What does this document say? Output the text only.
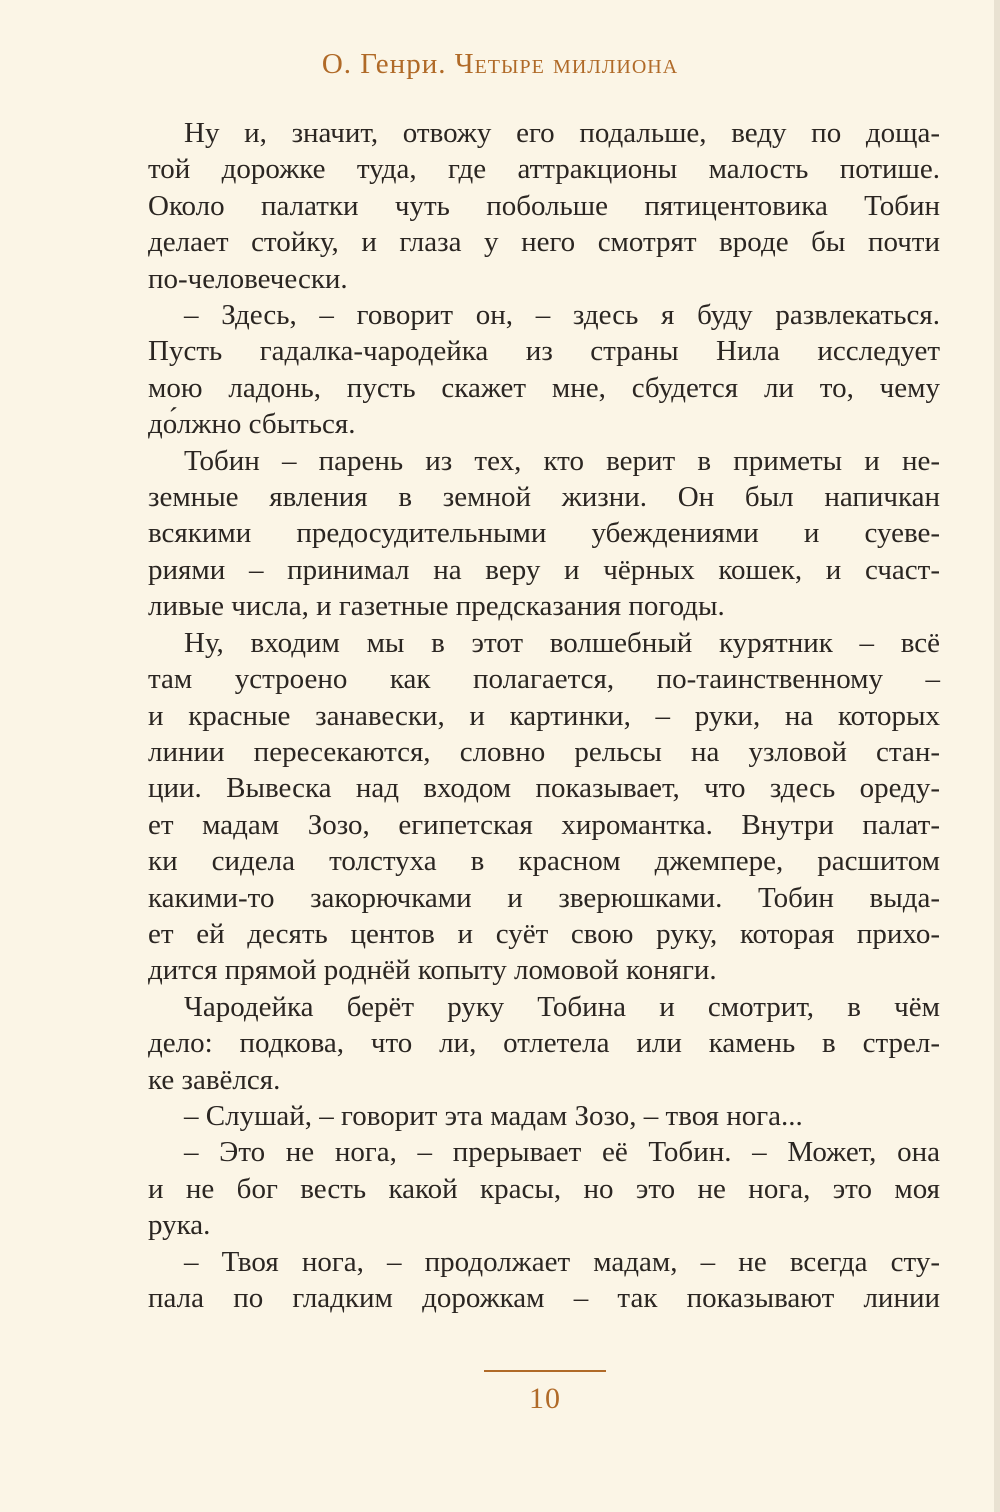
О. Генри. Четыре миллиона
Ну и, значит, отвожу его подальше, веду по доща-
той дорожке туда, где аттракционы малость потише.
Около палатки чуть побольше пятицентовика Тобин
делает стойку, и глаза у него смотрят вроде бы почти
по-человечески.
– Здесь, – говорит он, – здесь я буду развлекаться.
Пусть гадалка-чародейка из страны Нила исследует
мою ладонь, пусть скажет мне, сбудется ли то, чему
до́лжно сбыться.
Тобин – парень из тех, кто верит в приметы и не-
земные явления в земной жизни. Он был напичкан
всякими предосудительными убеждениями и суеве-
риями – принимал на веру и чёрных кошек, и счаст-
ливые числа, и газетные предсказания погоды.
Ну, входим мы в этот волшебный курятник – всё
там устроено как полагается, по-таинственному –
и красные занавески, и картинки, – руки, на которых
линии пересекаются, словно рельсы на узловой стан-
ции. Вывеска над входом показывает, что здесь ореду-
ет мадам Зозо, египетская хиромантка. Внутри палат-
ки сидела толстуха в красном джемпере, расшитом
какими-то закорючками и зверюшками. Тобин выда-
ет ей десять центов и суёт свою руку, которая прихо-
дится прямой роднёй копыту ломовой коняги.
Чародейка берёт руку Тобина и смотрит, в чём
дело: подкова, что ли, отлетела или камень в стрел-
ке завёлся.
– Слушай, – говорит эта мадам Зозо, – твоя нога...
– Это не нога, – прерывает её Тобин. – Может, она
и не бог весть какой красы, но это не нога, это моя
рука.
– Твоя нога, – продолжает мадам, – не всегда сту-
пала по гладким дорожкам – так показывают линии
10
